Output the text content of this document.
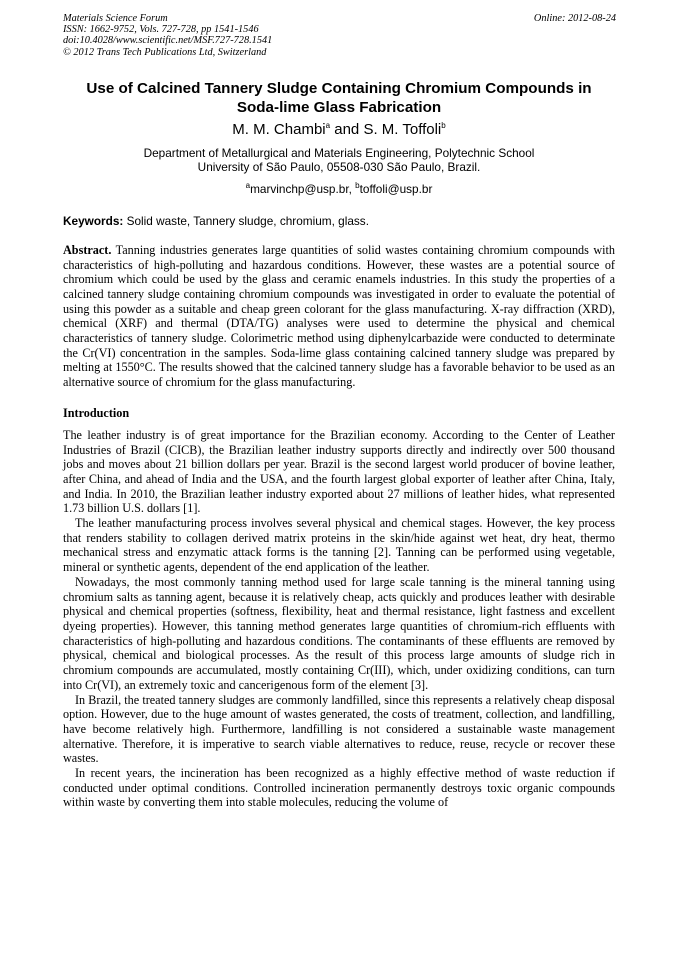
Materials Science Forum
ISSN: 1662-9752, Vols. 727-728, pp 1541-1546
doi:10.4028/www.scientific.net/MSF.727-728.1541
© 2012 Trans Tech Publications Ltd, Switzerland
Online: 2012-08-24
Use of Calcined Tannery Sludge Containing Chromium Compounds in
Soda-lime Glass Fabrication
M. M. Chambi$^a$ and S. M. Toffoli$^b$
Department of Metallurgical and Materials Engineering, Polytechnic School
University of São Paulo, 05508-030 São Paulo, Brazil.
$^a$marvinchp@usp.br, $^b$toffoli@usp.br
Keywords: Solid waste, Tannery sludge, chromium, glass.
Abstract. Tanning industries generates large quantities of solid wastes containing chromium compounds with characteristics of high-polluting and hazardous conditions. However, these wastes are a potential source of chromium which could be used by the glass and ceramic enamels industries. In this study the properties of a calcined tannery sludge containing chromium compounds was investigated in order to evaluate the potential of using this powder as a suitable and cheap green colorant for the glass manufacturing. X-ray diffraction (XRD), chemical (XRF) and thermal (DTA/TG) analyses were used to determine the physical and chemical characteristics of tannery sludge. Colorimetric method using diphenylcarbazide were conducted to determinate the Cr(VI) concentration in the samples. Soda-lime glass containing calcined tannery sludge was prepared by melting at 1550°C. The results showed that the calcined tannery sludge has a favorable behavior to be used as an alternative source of chromium for the glass manufacturing.
Introduction

The leather industry is of great importance for the Brazilian economy. According to the Center of Leather Industries of Brazil (CICB), the Brazilian leather industry supports directly and indirectly over 500 thousand jobs and moves about 21 billion dollars per year. Brazil is the second largest world producer of bovine leather, after China, and ahead of India and the USA, and the fourth largest global exporter of leather after China, Italy, and India. In 2010, the Brazilian leather industry exported about 27 millions of leather hides, what represented 1.73 billion U.S. dollars [1].

The leather manufacturing process involves several physical and chemical stages. However, the key process that renders stability to collagen derived matrix proteins in the skin/hide against wet heat, dry heat, thermo mechanical stress and enzymatic attack forms is the tanning [2]. Tanning can be performed using vegetable, mineral or synthetic agents, dependent of the end application of the leather.

Nowadays, the most commonly tanning method used for large scale tanning is the mineral tanning using chromium salts as tanning agent, because it is relatively cheap, acts quickly and produces leather with desirable physical and chemical properties (softness, flexibility, heat and thermal resistance, light fastness and excellent dyeing properties). However, this tanning method generates large quantities of chromium-rich effluents with characteristics of high-polluting and hazardous conditions. The contaminants of these effluents are removed by physical, chemical and biological processes. As the result of this process large amounts of sludge rich in chromium compounds are accumulated, mostly containing Cr(III), which, under oxidizing conditions, can turn into Cr(VI), an extremely toxic and cancerigenous form of the element [3].

In Brazil, the treated tannery sludges are commonly landfilled, since this represents a relatively cheap disposal option. However, due to the huge amount of wastes generated, the costs of treatment, collection, and landfilling, have become relatively high. Furthermore, landfilling is not considered a sustainable waste management alternative. Therefore, it is imperative to search viable alternatives to reduce, reuse, recycle or recover these wastes.

In recent years, the incineration has been recognized as a highly effective method of waste reduction if conducted under optimal conditions. Controlled incineration permanently destroys toxic organic compounds within waste by converting them into stable molecules, reducing the volume of
